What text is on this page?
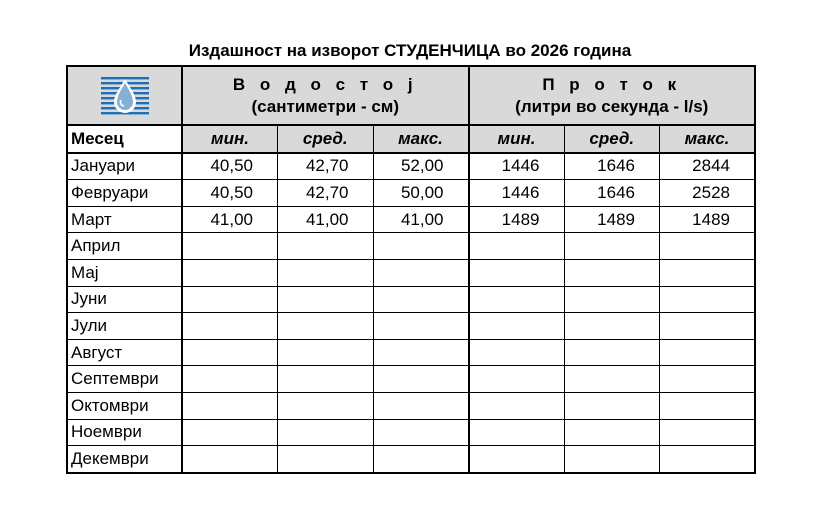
Издашност на изворот СТУДЕНЧИЦА во 2026 година

В о д о с т о ј
(сантиметри - см)			П р о т о к
(литри во секунда - l/s)		

Месец	мин.	сред.	макс.	мин.	сред.	макс.
Јануари	40,50	42,70	52,00	1446	1646	2844
Февруари	40,50	42,70	50,00	1446	1646	2528
Март	41,00	41,00	41,00	1489	1489	1489
Април						
Мај						
Јуни						
Јули						
Август						
Септември						
Октомври						
Ноември						
Декември						
